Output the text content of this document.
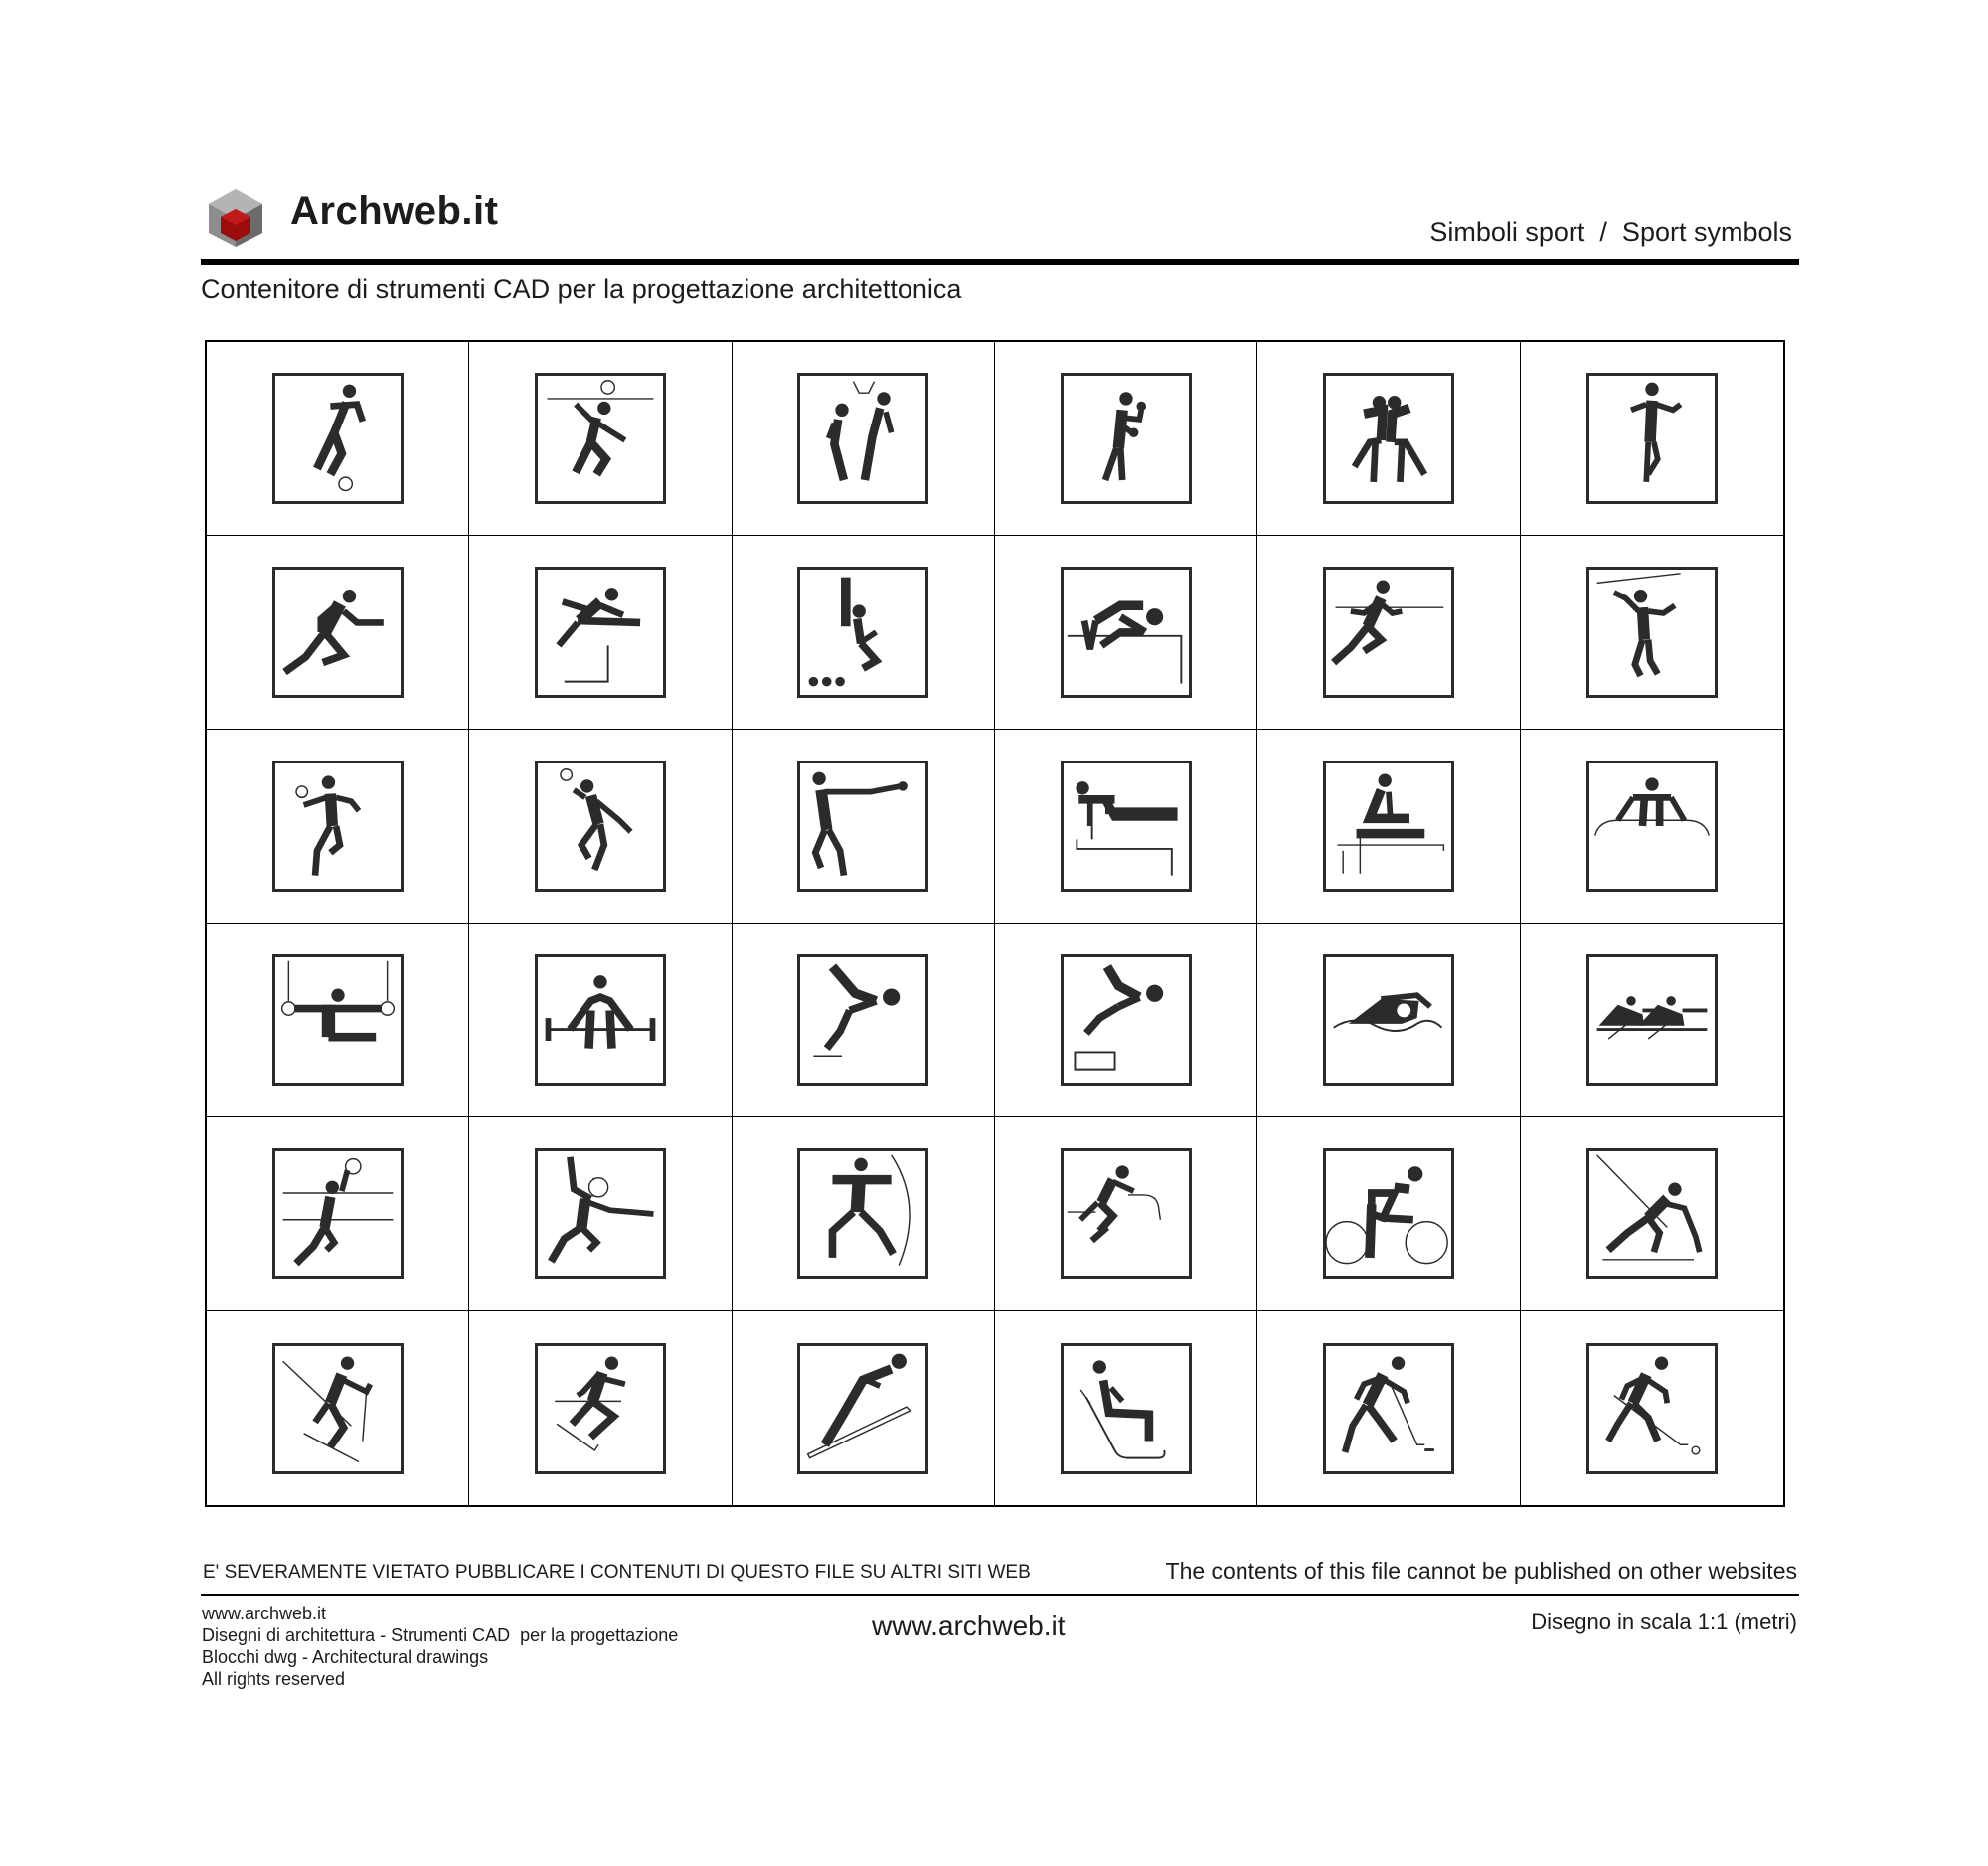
Archweb.it	Simboli sport  /  Sport symbols
Contenitore di strumenti CAD per la progettazione architettonica
E' SEVERAMENTE VIETATO PUBBLICARE I CONTENUTI DI QUESTO FILE SU ALTRI SITI WEB	The contents of this file cannot be published on other websites
www.archweb.it
Disegni di architettura - Strumenti CAD  per la progettazione
Blocchi dwg - Architectural drawings
All rights reserved
www.archweb.it	Disegno in scala 1:1 (metri)
